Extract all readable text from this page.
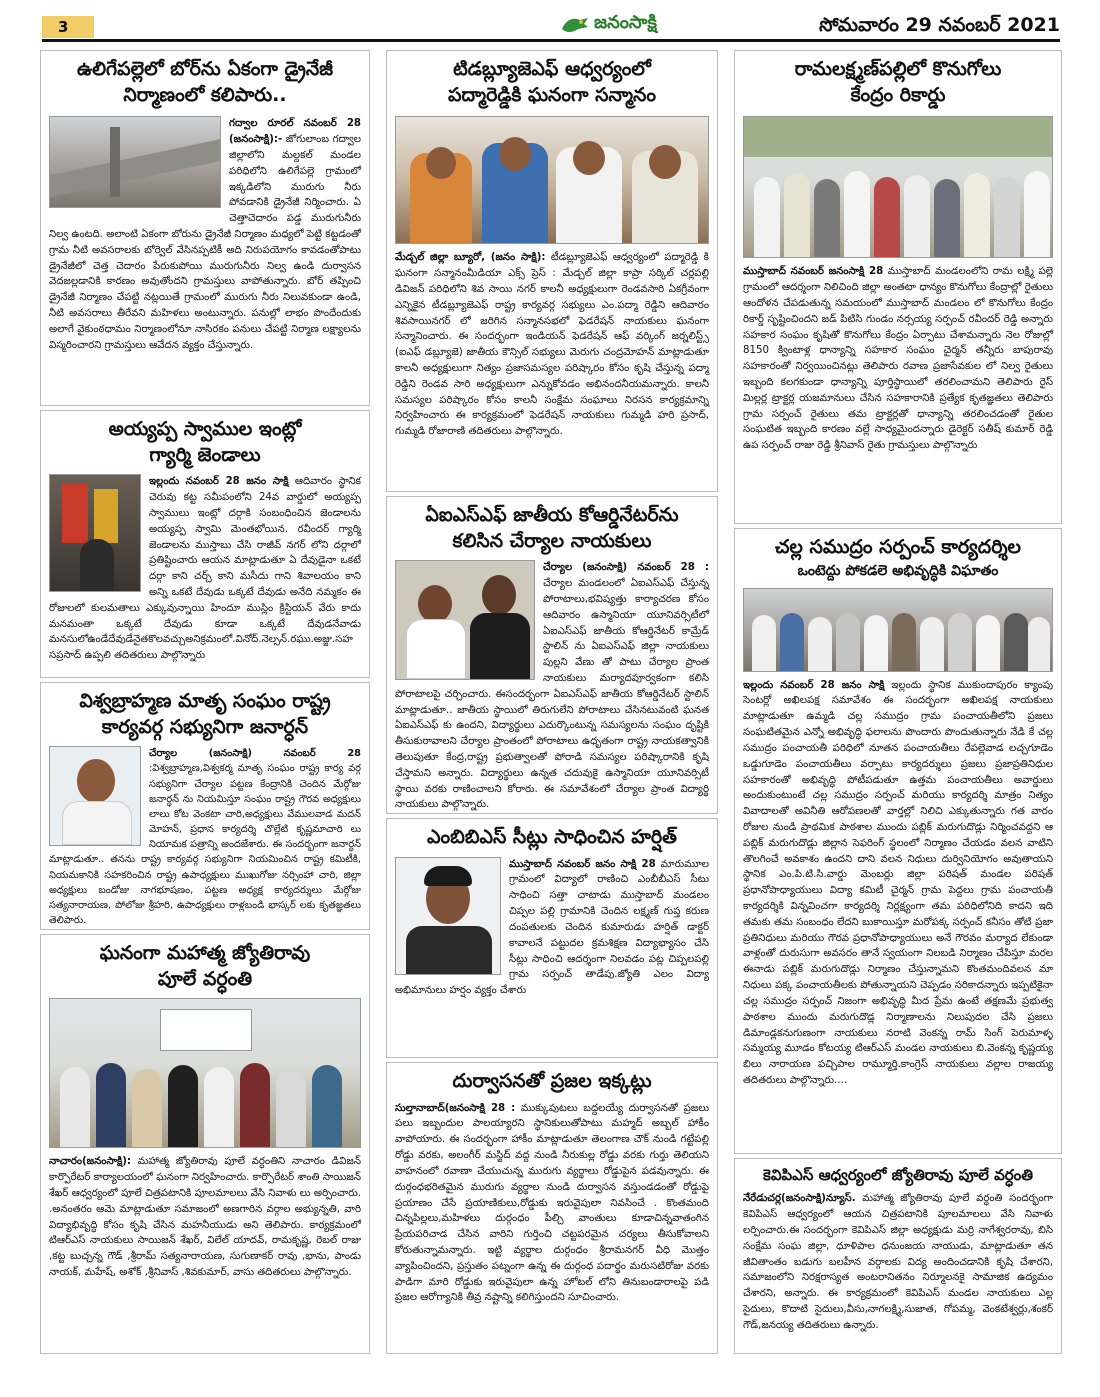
3	జనంసాక్షి	సోమవారం 29 నవంబర్ 2021

ఉలిగేపల్లెలో బోర్‌ను ఏకంగా డ్రైనేజీ

నిర్మాణంలో కలిపారు..

గద్వాల రూరల్ నవంబర్ 28 (జనంసాక్షి):- జోగులాంబ గద్వాల జిల్లాలోని మల్దకల్ మండల పరిధిలోని ఉలిగేపల్లె గ్రామంలో ఇక్కడిలోని మురుగు నీరు పోవడానికి డ్రైనేజీ నిర్మించారు. ఏ చెత్తాచెదారం పడ్డ మురుగునీరు నిల్వ ఉంటది. అలాంటి ఏకంగా బోరును డ్రైనేజీ నిర్మాణం మధ్యలో పెట్టి కట్టడంతో గ్రామ నీటి అవసరాలకు బోర్వెల్ వేసినప్పటికీ అది నిరుపయోగం కావడంతోపాటు డ్రైనేజీలో చెత్త చెదారం పేరుకుపోయి మురుగునీరు నిల్వ ఉండి దుర్వాసన వెదజల్లడానికి కారణం అవుతోందని గ్రామస్తులు వాపోతున్నారు. బోర్ తప్పించి డ్రైనేజీ నిర్మాణం చేపట్టి నట్లయితే గ్రామంలో మురుగు నీరు నిలువకుండా ఉండి, నీటి అవసరాలు తీరేవని మహిళలు అంటున్నారు. పనుల్లో లాభం పొందేందుకు అలాగే వైకుంఠధామం నిర్మాణంలోనూ నాసిరకం పనులు చేపట్టి నిర్మాణ లక్ష్యాలను విస్మరించారని గ్రామస్తులు ఆవేదన వ్యక్తం చేస్తున్నారు.

అయ్యప్ప స్వాముల ఇంట్లో

గ్యార్మి జెండాలు

ఇల్లందు నవంబర్ 28 జనం సాక్షి ఆదివారం స్థానిక చెరువు కట్ట సమీపంలోని 24వ వార్డులో అయ్యప్ప స్వాములు ఇంట్లో దర్గాకి సంబంధించిన జెండాలను అయ్యప్ప స్వామి మెంతభోయిన. రవీందర్ గ్యార్మి జెండాలను ముస్తాబు చేసి రాజీవ్ నగర్ లోని దర్గాలో ప్రతిష్టించారు ఆయన మాట్లాడుతూ ఏ దేవుడైనా ఒకటే దర్గా కాని చర్చ్ కాని మసీదు గాని శివాలయం కాని అన్ని ఒకటే దేవుడు ఒక్కటే దేవుడు అనేది నమ్మకం ఈ రోజులలో కులమతాలు ఎక్కువున్నాయి హిందూ ముస్లిం క్రిస్టియన్ వేరు కాదు మనమంతా ఒక్కటే దేవుడు కూడా ఒక్కటే దేవుడనేవాడు మనసులోఉండేదేవుడేనైతకొలవచ్చుఅనిక్రమంలో.వినోద్.నెల్సన్.రఘు.అజ్జు.సహ సప్రసాద్ ఉప్పలి తదితరులు పాల్గొన్నారు

విశ్వబ్రాహ్మణ మాతృ సంఘం రాష్ట్ర

కార్యవర్గ సభ్యునిగా జనార్ధన్

చేర్యాల (జనంసాక్షి) నవంబర్ 28 :విశ్వబ్రాహ్మణ,విశ్వకర్మ మాతృ సంఘం రాష్ట్ర కార్య వర్గ సభ్యునిగా చేర్యాల పట్టణ కేంద్రానికి చెందిన మేర్గోజు జనార్ధన్ ను నియమిస్తూ సంఘం రాష్ట్ర గౌరవ అధ్యక్షులు లాలు కోట వెంకటా చారి,అధ్యక్షులు వేములవాడ మదన్ మోహన్, ప్రధాన కార్యదర్శి చొల్లేటి కృష్ణమాచారి లు నియామక పత్రాన్ని అందజేశారు. ఈ సందర్భంగా జనార్ధన్ మాట్లాడుతూ.. తనను రాష్ట్ర కార్యవర్గ సభ్యునిగా నియమించిన రాష్ట్ర కమిటీకి, నియమకానికి సహకరించిన రాష్ట్ర ఉపాధ్యక్షులు ముఖుగోజు నర్సింహా చారి, జిల్లా అధ్యక్షులు బండోజు నాగభూషణం, పట్టణ అధ్యక్ష కార్యదర్శులు మేర్గోజు సత్యనారాయణ, పోలోజు శ్రీహరి, ఉపాధ్యక్షులు రాళ్లబండి భాస్కర్ లకు కృతజ్ఞతలు తెలిపారు.

ఘనంగా మహాత్మ జ్యోతిరావు

పూలే వర్ధంతి

నాచారం(జనంసాక్షి): మహాత్మ జ్యోతిరావు పూలే వర్ధంతిని నాచారం డివిజన్ కార్పొరేటర్ కార్యాలయంలో ఘనంగా నిర్వహించారు. కార్పొరేటర్ శాంతి సాయిజన్ శేఖర్ ఆధ్వర్యంలో పూలే చిత్రపటానికి పూలమాలలు వేసి నివాళు లు అర్పించారు. .అనంతరం ఆమె మాట్లాడుతూ సమాజంలో అణగారిన వర్గాల అభ్యున్నతి, వారి విద్యాభివృద్ధి కోసం కృషి చేసిన మహనీయుడు అని తెలిపారు. కార్యక్రమంలో టిఆర్ఎస్ నాయకులు సాయిజన్ శేఖర్, విలేల్ యాదవ్, రామకృష్ణ, రెబల్ రాజు ,కట్ట బుచ్చన్న గౌడ్ ,శ్రీరామ్ సత్యనారాయణ, సుగుణాకర్ రావు ,భాను, పాండు నాయక్, మహేష్, అశోక్ ,శ్రీనివాస్ ,శివకుమార్, వాసు తదితరులు పాల్గొన్నారు.

టిడబ్ల్యూజెఎఫ్ ఆధ్వర్యంలో

పద్మారెడ్డికి ఘనంగా సన్మానం

మేడ్చల్ జిల్లా బ్యూరో, (జనం సాక్షి): టీడబ్ల్యూజెఎఫ్ ఆధ్వర్యంలో పద్మారెడ్డి కి ఘనంగా సన్మానంమీడియా ఎక్స్ ప్రెస్ : మేడ్చల్ జిల్లా కాప్రా సర్కిల్ చర్లపల్లి డివిజన్ పరిధిలోని శివ సాయి నగర్ కాలనీ అధ్యక్షులుగా రెండవసారి ఏకగ్రీవంగా ఎన్నికైన టీడబ్ల్యూజెఎఫ్ రాష్ట్ర కార్యవర్గ సభ్యులు ఎం.పద్మా రెడ్డిని ఆదివారం శివసాయినగర్ లో జరిగిన సన్మానసభలో ఫెడరేషన్ నాయకులు ఘనంగా సన్మానించారు. ఈ సందర్భంగా ఇండియన్ ఫెడరేషన్ ఆఫ్ వర్కింగ్ జర్నలిస్ట్స్ (ఐఎఫ్ డబ్ల్యూజె) జాతీయ కౌన్సిల్ సభ్యులు మెరుగు చంద్రమోహన్ మాట్లాడుతూ కాలనీ అధ్యక్షులుగా నిత్యం ప్రజాసమస్యల పరిష్కారం కోసం కృషి చేస్తున్న పద్మా రెడ్డిని రెండవ సారి అధ్యక్షులుగా ఎన్నుకోవడం అభినందనీయమన్నారు. కాలనీ సమస్యల పరిష్కారం కోసం కాలనీ సంక్షేమ సంఘాలు నిరసన కార్యక్రమాన్ని నిర్వహించారు ఈ కార్యక్రమంలో ఫెడరేషన్ నాయకులు గుమ్మడి హరి ప్రసాద్, గుమ్మడి రోజారాణి తదితరులు పాల్గొన్నారు.

ఏఐఎస్ఎఫ్ జాతీయ కోఆర్డినేటర్‌ను

కలిసిన చేర్యాల నాయకులు

చేర్యాల (జనంసాక్షి) నవంబర్ 28 : చేర్యాల మండలంలో ఏఐఎస్ఎఫ్ చేస్తున్న పోరాటాలు,భవిష్యత్తు కార్యాచరణ కోసం ఆదివారం ఉస్మానియా యూనివర్సిటీలో ఏఐఎస్ఎఫ్ జాతీయ కోఆర్డినేటర్ కామ్రేడ్ స్టాలిన్ ను ఏఐఎస్ఎఫ్ జిల్లా నాయకులు పుల్లని వేణు తో పాటు చేర్యాల ప్రాంత నాయకులు మర్యాదపూర్వకంగా కలిసి పోరాటాలపై చర్చించారు. ఈసందర్భంగా ఏఐఎస్ఎఫ్ జాతీయ కోఆర్డినేటర్ స్టాలిన్ మాట్లాడుతూ.. జాతీయ స్థాయిలో తిరుగులేని పోరాటాలు చేసినటువంటి ఘనత ఏఐఎస్ఎఫ్ కు ఉందని, విద్యార్థులు ఎదుర్కొంటున్న సమస్యలను సంఘం దృష్టికి తీసుకురావాలని చేర్యాల ప్రాంతంలో పోరాటాలు ఉధృతంగా రాష్ట్ర నాయకత్వానికి తెలుపుతూ కేంద్ర,రాష్ట్ర ప్రభుత్వాలతో పోరాడి సమస్యల పరిష్కారానికి కృషి చేస్తామని అన్నారు. విద్యార్థులు ఉన్నత చదువుకై ఉస్మానియా యూనివర్సిటీ స్థాయి వరకు రాణించాలని కోరారు. ఈ సమావేశంలో చేర్యాల ప్రాంత విద్యార్థి నాయకులు పాల్గొన్నారు.

ఎంబిబిఎస్ సీట్లు సాధించిన హర్షిత్

ముస్తాబాద్ నవంబర్ జనం సాక్షి 28 మారుమూల గ్రామంలో విద్యాలో రాణించి ఎంబీబీఎస్ సీటు సాధించి సత్తా చాటాడు ముస్తాబాద్ మండలం చిప్పల పల్లి గ్రామానికి చెందిన లక్ష్మణ్ గుప్త కరుణ దంపతులకు చెందిన కుమారుడు హర్షిత్ డాక్టర్ కావాలనే పట్టుదల క్రమశిక్షణ విద్యాభ్యాసం చేసి సీట్లు సాధించి ఆదర్శంగా నిలవడం పట్ల చిప్పలపల్లి గ్రామ సర్పంచ్ తాడేపు.జ్యోతి ఎలం విద్యా అభిమానులు హర్షం వ్యక్తం చేశారు

దుర్వాసనతో ప్రజల ఇక్కట్లు

సుల్తానాబాద్(జనంసాక్షి 28 : ముక్కుపుటలు బద్దలయ్యే దుర్వాసనతో ప్రజలు పలు ఇబ్బందుల పాలయ్యారని స్థానికులుతోపాటు మహ్మద్ అబ్బల్ హాకీం వాపోయారు. ఈ సందర్భంగా హాకీం మాట్లాడుతూ తెలంగాణ చౌక్ నుండి గట్టేపల్లి రోడ్డు వరకు, అలంగీర్ మస్జిద్ వద్ద నుండి నీరుకుల్ల రోడ్డు వరకు గుర్తు తెలియని వాహనంలో రవాణా చేయుచున్న మురుగు వ్యర్థాలు రోడ్డుపైన పడవున్నారు. ఈ దుర్గంధభరితమైన మురుగు వ్యర్థాల నుండి దుర్వాసన వస్తుండడంతో రోడ్డుపై ప్రయాణం చేసే ప్రయాణికులు,రోడ్డుకు ఇరువైపులా నివసించే . కొంతమంది చిన్నపిల్లలు,మహిళలు దుర్గంధం పీల్చి వాంతులు కూడాచిన్నవాతంగిన ప్రేయపరిచాడ చేసిన వారిని గుర్తించి చట్టపరమైన చర్యలు తీసుకోవాలని కోరుతున్నామన్నారు. ఇట్టి వ్యర్థాల దుర్గంధం శ్రీరామనగర్ వీధి మొత్తం వ్యాపించిందని, ప్రస్తుతం పట్నంగా ఉన్న ఈ దుర్గంధ పదార్థం మరుసటిరోజు వరకు పాడిగా మారి రోడ్డుకు ఇరువైపులా ఉన్న హోటల్ లోని తినుబండారాలపై పడి ప్రజల ఆరోగ్యానికి తీవ్ర నష్టాన్ని కలిగిస్తుందని సూచించారు.

రామలక్ష్మణ్‌పల్లిలో కొనుగోలు

కేంద్రం రికార్డు

ముస్తాబాద్ నవంబర్ జనంసాక్షి 28 ముస్తాబాద్ మండలంలోని రామ లక్ష్మి పల్లె గ్రామంలో ఆదర్శంగా నిలిచింది జిల్లా అంతటా ధాన్యం కొనుగోలు కేంద్రాల్లో రైతులు ఆందోళన చేపడుతున్న సమయంలో ముస్తాబాద్ మండలం లో కొనుగోలు కేంద్రం రికార్డ్ సృష్టించిందని జడ్ పిటిసి గుండం నర్సయ్య సర్పంచ్ రవీందర్ రెడ్డి అన్నారు సహకార సంఘం కృషితో కొనుగోలు కేంద్రం ఏర్పాటు చేశామన్నారు నెల రోజుల్లో 8150 క్వింటాళ్ల ధాన్యాన్ని సహకార సంఘం చైర్మన్ తన్నీరు బాపురావు సహకారంతో నిర్వయించినట్లు తెలిపారు రవాణ ప్రజాసేవకుల లో నిల్వ రైతులు ఇబ్బంది కలగకుండా ధాన్యాన్ని పూర్తిస్థాయిలో తరలించామని తెలిపారు రైస్ మిల్లర్ల ట్రాక్టర్ల యజమానులు చేసిన సహకారానికి ప్రత్యేక కృతజ్ఞతలు తెలిపారు గ్రామ సర్పంచ్ రైతులు తమ ట్రాక్టర్లతో ధాన్యాన్ని తరలించడంతో రైతుల సంఘటిత ఇబ్బంది కారణం వల్లే సాధ్యమైందన్నారు డైరెక్టర్ సతీష్ కుమార్ రెడ్డి ఉప సర్పంచ్ రాజు రెడ్డి శ్రీనివాస్ రైతు గ్రామస్తులు పాల్గొన్నారు

చల్ల సముద్రం సర్పంచ్ కార్యదర్శిల

ఒంటెద్దు పోకడలె అభివృద్ధికి విఘాతం

ఇల్లందు నవంబర్ 28 జనం సాక్షి ఇల్లందు స్థానిక ముకుందాపురం క్యాంపు సెంటర్లో అఖిలపక్ష సమావేశం ఈ సందర్భంగా అఖిలపక్ష నాయకులు మాట్లాడుతూ ఉమ్మడి చల్ల సముద్రం గ్రామ పంచాయతీలోని ప్రజలు సంఘటితమైన ఎన్నో అభివృద్ధి ఫలాలను పొందారు పొందుతున్నారు నేడి కే చల్ల సముద్రం పంచాయతీ పరిధిలో నూతన పంచాయతీలు రేపల్లెవాడ లచ్చగూడెం ఒడ్డుగూడెం పంచాయతీలు వర్పాటు కార్యదర్శులు ప్రజలు ప్రజాప్రతినిధుల సహకారంతో అభివృద్ధి పోటీపడుతూ ఉత్తమ పంచాయతీలు అవార్డులు అందుకుంటుంటే చల్ల సముద్రం సర్పంచ్ మరియు కార్యదర్శి మాత్రం నిత్యం వివాదాలతో అవినీతి ఆరోపణలతో వార్తల్లో నిలిచి ఎక్కుతున్నారు గత వారం రోజుల నుండి ప్రాథమిక పాఠశాల ముందు పబ్లిక్ మరుగుదొడ్లు నిర్మించవద్దని ఆ పబ్లిక్ మరుగుదొడ్లు జిల్లాన సెఫరింగ్ స్థలంలో నిర్మాణం చేయడం వలన వాటిని తొలగించే అవకాశం ఉందని దాని వలన నిధులు దుర్వినియోగం అవుతాయని స్థానిక ఎం.పి.టి.సి.వార్డు మెంబర్లు జిల్లా పరిషత్ మండల పరిషత్ ప్రధానోపాధ్యాయులు విద్యా కమిటీ చైర్మన్ గ్రామ పెద్దలు గ్రామ పంచాయతీ కార్యదర్శికి విన్నవించగా కార్యదర్శి నిర్లక్ష్యంగా తమ పరిధిలోనిది కాదని ఇది తమకు తమ సంబంధం లేదని బుకాయిస్తూ మరోపక్క సర్పంచ్ కనీసం తోటి ప్రజా ప్రతినిధులు మరియు గౌరవ ప్రధానోపాధ్యాయులు అనే గౌరవం మర్యాద లేకుండా వాళ్లంతో దురుసుగా అవసరం తానే స్వయంగా నిలబడి నిర్మాణం చేపిస్తూ మరల ఈనాడు పబ్లిక్ మరుగుదొడ్లు నిర్మాణం చేస్తున్నామని కొంతమందివలన మా నిధులు పక్క పంచాయతీలకు పోతున్నాయని చెప్పడం సరికాదన్నారు ఇప్పటికైనా చల్ల సముద్రం సర్పంచ్ నిజంగా అభివృద్ధి మీద ప్రేమ ఉంటే తక్షణమే ప్రభుత్వ పాఠశాల ముందు మరుగుదొడ్ల నిర్మాణాలను నిలుపుదల చేసి ప్రజలు డిమాండ్లకనుగుణంగా నాయకులు నరాటి వెంకన్న రామ్ సింగ్ పెరుమాళ్ళ సమ్మయ్య మూడం కోటయ్య టిఆర్ఎస్ మండల నాయకులు బి.వెంకన్న కృష్ణయ్య బిలు నారాయణ పచ్చిపాల రామ్మూర్తి.కాంగ్రెస్ నాయకులు వల్లాల రాజయ్య తదితరులు పాల్గొన్నారు....

కెవిపిఎస్ ఆధ్వర్యంలో జ్యోతిరావు పూలే వర్ధంతి

నేరేడుచర్ల(జనంసాక్షి)న్యూస్. మహాత్మ జ్యోతిరావు పూలే వర్ధంతి సందర్భంగా కెవిపిఎస్ ఆధ్వర్యంలో ఆయన చిత్రపటానికి పూలమాలలు వేసి నివాళు లర్పించారు.ఈ సందర్భంగా కెవిపిఎస్ జిల్లా అధ్యక్షుడు మర్రి నాగేశ్వరరావు, బిసి సంక్షేమ సంఘ జిల్లా, ధూళిపాల ధనుంజయ నాయుడు, మాట్లాడుతూ తన జీవితాంతం బడుగు బలహీన వర్గాలకు విద్య అందించడానికి కృషి చేశారని, సమాజంలోని నిరక్షరాస్యత అంటరానితనం నిర్మూలనకై సామాజిక ఉద్యమం చేశారని, అన్నారు. ఈ కార్యక్రమంలో కెవిపిఎస్ మండల నాయకులు ఎల్ల సైదులు, కొదాటి సైదులు,వీసు,నాగలక్ష్మి,సుజాత, గోపమ్మ, వెంకటేశ్వర్లు,శంకర్ గౌడ్,జనయ్య తదితరులు ఉన్నారు.
